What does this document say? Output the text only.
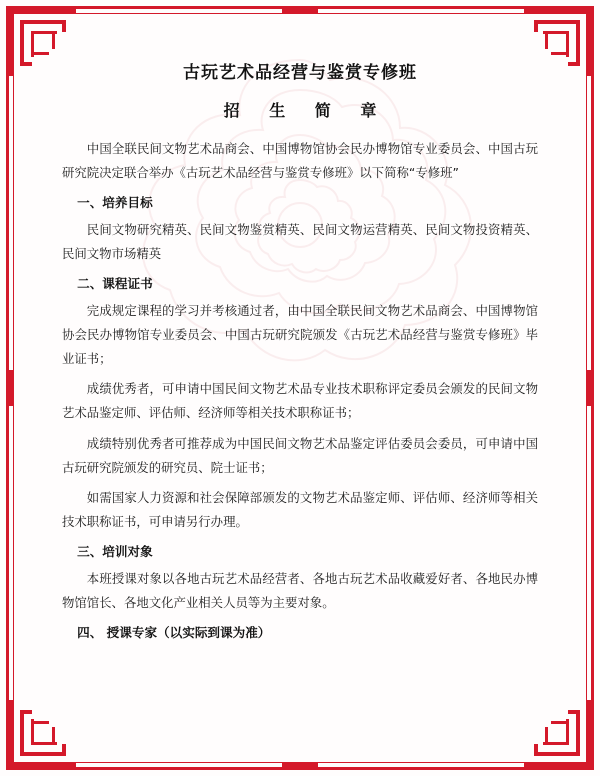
古玩艺术品经营与鉴赏专修班
招 生 简 章

中国全联民间文物艺术品商会、中国博物馆协会民办博物馆专业委员会、中国古玩研究院决定联合举办《古玩艺术品经营与鉴赏专修班》以下简称“专修班”

一、培养目标

民间文物研究精英、民间文物鉴赏精英、民间文物运营精英、民间文物投资精英、民间文物市场精英

二、课程证书

完成规定课程的学习并考核通过者，由中国全联民间文物艺术品商会、中国博物馆协会民办博物馆专业委员会、中国古玩研究院颁发《古玩艺术品经营与鉴赏专修班》毕业证书；

成绩优秀者，可申请中国民间文物艺术品专业技术职称评定委员会颁发的民间文物艺术品鉴定师、评估师、经济师等相关技术职称证书；

成绩特别优秀者可推荐成为中国民间文物艺术品鉴定评估委员会委员，可申请中国古玩研究院颁发的研究员、院士证书；

如需国家人力资源和社会保障部颁发的文物艺术品鉴定师、评估师、经济师等相关技术职称证书，可申请另行办理。

三、培训对象

本班授课对象以各地古玩艺术品经营者、各地古玩艺术品收藏爱好者、各地民办博物馆馆长、各地文化产业相关人员等为主要对象。

四、 授课专家（以实际到课为准）
